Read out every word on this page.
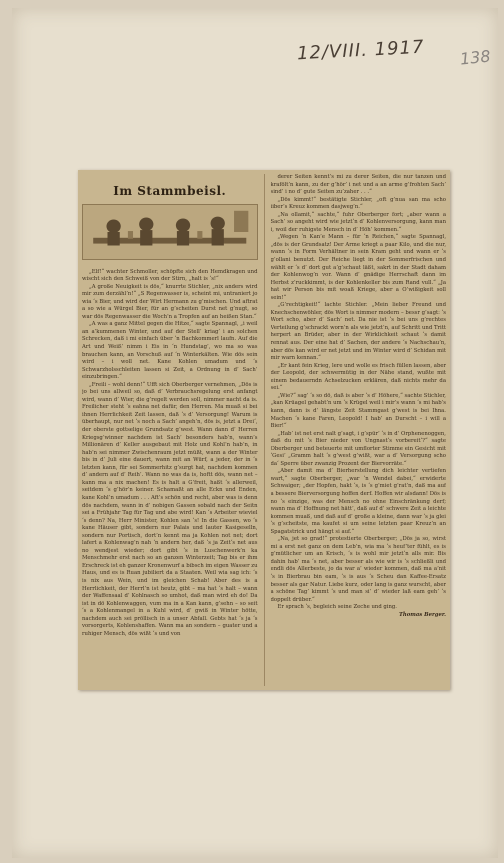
12/VIII. 1917 138
Im Stammbeisl.

„Elf!“ wachter Schmoller, schöpfte sich den Hemdkragen und wischt sich den Schweiß von der Stirn, „halt is ‘s!“

„A große Neuigkeit is dös,“ knurrte Stichler, „nix anders wird mir zum derzähl’n!“ „S Regenwasser is, scheint mi, untraniert jo wia ‘s Bier, und wird der Wirt Hermann zu g’mischen. Und aftrat a so wie a Würgel Bier, für an g’scheiten Durst net g’nugt, so war dös Regenwasser die Woch’n a Tropfen auf an heißen Stan.“

„A was a ganz Mittel gegen die Hitze,“ sagte Spannagl, „i weil an a’kummenen Winter, und auf der Stell’ kriag’ i an solchen Schrecken, daß i mi einfach über ‘n Bachkommerl laufn. Auf die Art und Weiß’ nimm i Eis in ‘n Hundstag’, wo ma so was brauchen kann, an Vorschuß auf ‘n Winterkälten. Wie dös sein wird – i woll net. Kane Kohlen umadum und ‘s Schwarzholsschleiten lassen si Zeit, a Ordnung in d’ Sach’ einzubringen.“

„Freili – wohl denn!“ Ufft sich Oberberger vernehmen, „Dös is jo bei uns allweil so, daß d’ Verbrauchsregelung erst anfangt wird, wann d’ Wier, die g’regelt werden soll, nimmer nacht da is. Freilicher steht ‘s eahna net dafür, den Herren. Ma muaß si bei ihnen Herrlichkeit Zeit lassen, daß ‘s d’ Versorgung! Warum is überhaupt, nur net ‘s noch a Sach’ angeh’n, dös is, jetzt a Drei‘, der oberste gottselige Grundsatz g’west. Wann dann d’ Herren Kriegsg’winner nachdem ist Sach’ besonders hab’n, wann’s Millionären d’ Keller ausgebaut mit Holz und Kohl’n hab’n, in hab’n sei nimmer Zwischenraum jetzt müßt, wann a der Winter bis in d’ Juli eine dauert, wann mit an Würf, a jeder, der in ‘s letzten kann, für sei Sommerhitz g’surgt hat, nachdem kommen d’ andern auf d’ Reih’. Wann no was da is, hoftt dös, wann net – kann ma a nix machen! Es is halt a G’freit, haßt ‘s allerweil, seitdem ‘s g’hör’n keiner. Schamaßt an alle Eckn und Enden, kane Kohl’n umadum . . . Aft’s schön und recht, aber was is denn dös nachdem, wann in d’ nobigen Gassen sobald nach der Seitn sei a Frühjahr Tag für Tag und abe wird! Kan ‘s Arbeiter wieviel ‘s denn? Na, Herr Minister, Kohlen san ‘s! In die Gassen, wo ‘s kane Häuser gibt, sondern nur Palais und lauter Kasigeselln, sondern nur Portisch, dort’n kennt ma ja Kohlen not net; dort lafert a Kohlenwag’n nah ‘n andern her, daß ‘s ja Zeit‘s net aus no wendjest wieder; dort gibt ‘s in Luschenwerk’n ka Menschmehr erst nach so an ganzen Winterzeit; Tag bis er ihm Erschreck ist eh ganzer Kronenwurf a bibsch im eigen Wasser zu Haus, und es is Ruan jubiliert da a Staaten. Weil wia sag ich: ‘s is nix aus Wein, und im gleichen Schab! Aber des is a Herrlichkeit, der Herrl’n ist heutz, gibt – ma hat ‘s halt – wann der Waffensaal d’ Kohlnasch so umhot, daß man wird eh do! Da ist in dö Kohlenwaggen, vum ma in a Kan kann, g’sehn – so seit ‘s a Kohlenmangel in a Kuhl wird, d’ gwiß in Winter hötte, nachdem auch sei pröllisch in a unser Abfall. Gebts hat ‘s ja ‘s vorsorgerts, Kohlenshaffen. Wann ma an sondern – guater und a ruhiger Mensch, dös wißt ‘s und von

derer Seiten kennt’s mi zu derer Seiten, die nur tanzen und krafölt’n kann, zu der g’hör’ i net und a an arme g’frohten Sach’ sind’ i no d’ gute Seiten zu’zaher . . .“

„Dös kimmt!“ bestätigte Stichler, „oft g’nua san ma scho iiber’s Kreuz kommen dasjweg’n.“

„Na ollamit,“ sachte,“ fuhr Oberberger fort; „aber wann a Sach’ so angeht wird wie jetzt‘n d’ Kohlenversorgung, kann man i, woil der ruhigste Mensch in d’ Höh’ kommen.“

„Wegen ‘n Kan’e Mann – für ‘n Reichen,“ sagte Spannagl, „dös is der Grundsatz! Der Arme kriegt a paar Kilo, und die nur, wann ‘s in Form Verhältner in sein Kram geht und wann er ‘s g’ollani benutzt. Der Reiche liegt in der Sommerfrischen und wählt er ‘s d’ dort gut a’g’schaut läßt, sakrt in der Stadt daham der Kohlenwog’n vor. Wann d’ gnädige Herrschaft dann im Herbst z’ruckkimmt, is der Kohlenkeller bis zum Rand vull.“ „Ja hat wir Person bis mit woaß Kriege, aber a O’wißigkeit soll sein!“

„G’rechtigkeit!“ lachte Stichler. „Mein lieber Freund und Knechschenwöhler, dös Wort is nimmer modern – bessr g’sagt: ‘s Wort scho, aber d’ Sach’ net. Da nie ist ‘s bei uns g’rechtes Verteilung g’schrackt worn’n als wie jetzt’n, auf Schritt und Tritt herpert an Brüder, aber in der Wirklichkeit schaut ‘s damit rennat aus. Der eine hat d’ Sachen, der andere ‘s Nachschau’n, aber dös kan wird er net jetzt und im Winter wird d’ Schidan mit mir warn kennan.“

„Er kant fein Krieg, lere und wolle es frisch füllen lassen, aber der Leopold, der schwermütig in der Nähe stand, wußte mit einem bedauerndn Achselzucken erklären, daß nichts mehr da sei.“

„Wie?“ sag’ ‘s so dö, daß is aber ‘s d’ Höhere,“ sachte Stichler, „kan Krüagel gehabt’n um ‘s Krügel weil i mir’s wann ‘s mi hab’s kann, dann is d’ längste Zeit Stammgast g’west is bei Ihna. Machen ‘s kane Faren, Leopold! I hab’ an Durscht – i will a Bier!“

„Hab’ ist net erst nalt g’sagt, i g’spür’ ‘s in d’ Orphenenoggen, daß du mit ‘s Bier nieder von Ungnast‘s vorbereit‘?“ sagte Oberberger und beteuerte mit umflorter Stimme ein Gesicht mit ‘Gesi’ „Gramm halt ‘s g’west g’wißt, war a d’ Versorgung scho da‘ Sperre über zwanzig Prozent der Biervorräte.“

„Aber damit ma d’ Bierherstellung dich leichter vertiefen wart,“ sagte Oberberger, „war ‘n Wendel dabei,“ erwiderte Schwaiger; „der Hopfen, hakt ‘s, is ‘s g’miet g’rat’n, daß ma auf a bessere Bierversorgung hoffen derf. Hoffen wir alsdann! Dös is no ‘s einzige, was der Mensch no ohne Einschränkung derf; wann ma d’ Hoffnung net hätt’, daß auf d’ schwere Zeit a leichte kommen muaß, und daß auf d’ große a kleine, dann war ‘s ja glei ‘s g’scheitste, ma kaufet si um seine letzten paar Kreuz’n an Spagatstrick und hängt si auf.“

„Na, jet so grad!“ protestierte Oberberger; „Dös ja so, wirst mi a erst net ganz on dem Leb’n, wia ma ‘s heuf’ter fühlt, es is g’mütlicher um an Krisch, ‘s is wohl mir jetzt‘n alls mir. Bis dahin hab’ ma ‘s net, aber besser als wie wir is ‘s schließli und endli dös Allerbeste, jo da war a’ wieder kommen, daß ma a’nit ‘s in Bierbrau bin eam, ‘s is aus ‘s Scheu dan Kaffee-Ersatz besser als gar Natur. Liebe kurz, oder lang is ganz wurscht, aber a schöne Tag’ kimmt ‘s und man si’ d’ wieder laß eam geh’ ‘s doppelt drüber.“

Er sprach ‘s, begleich seine Zeche und ging.

Thomas Berger.
